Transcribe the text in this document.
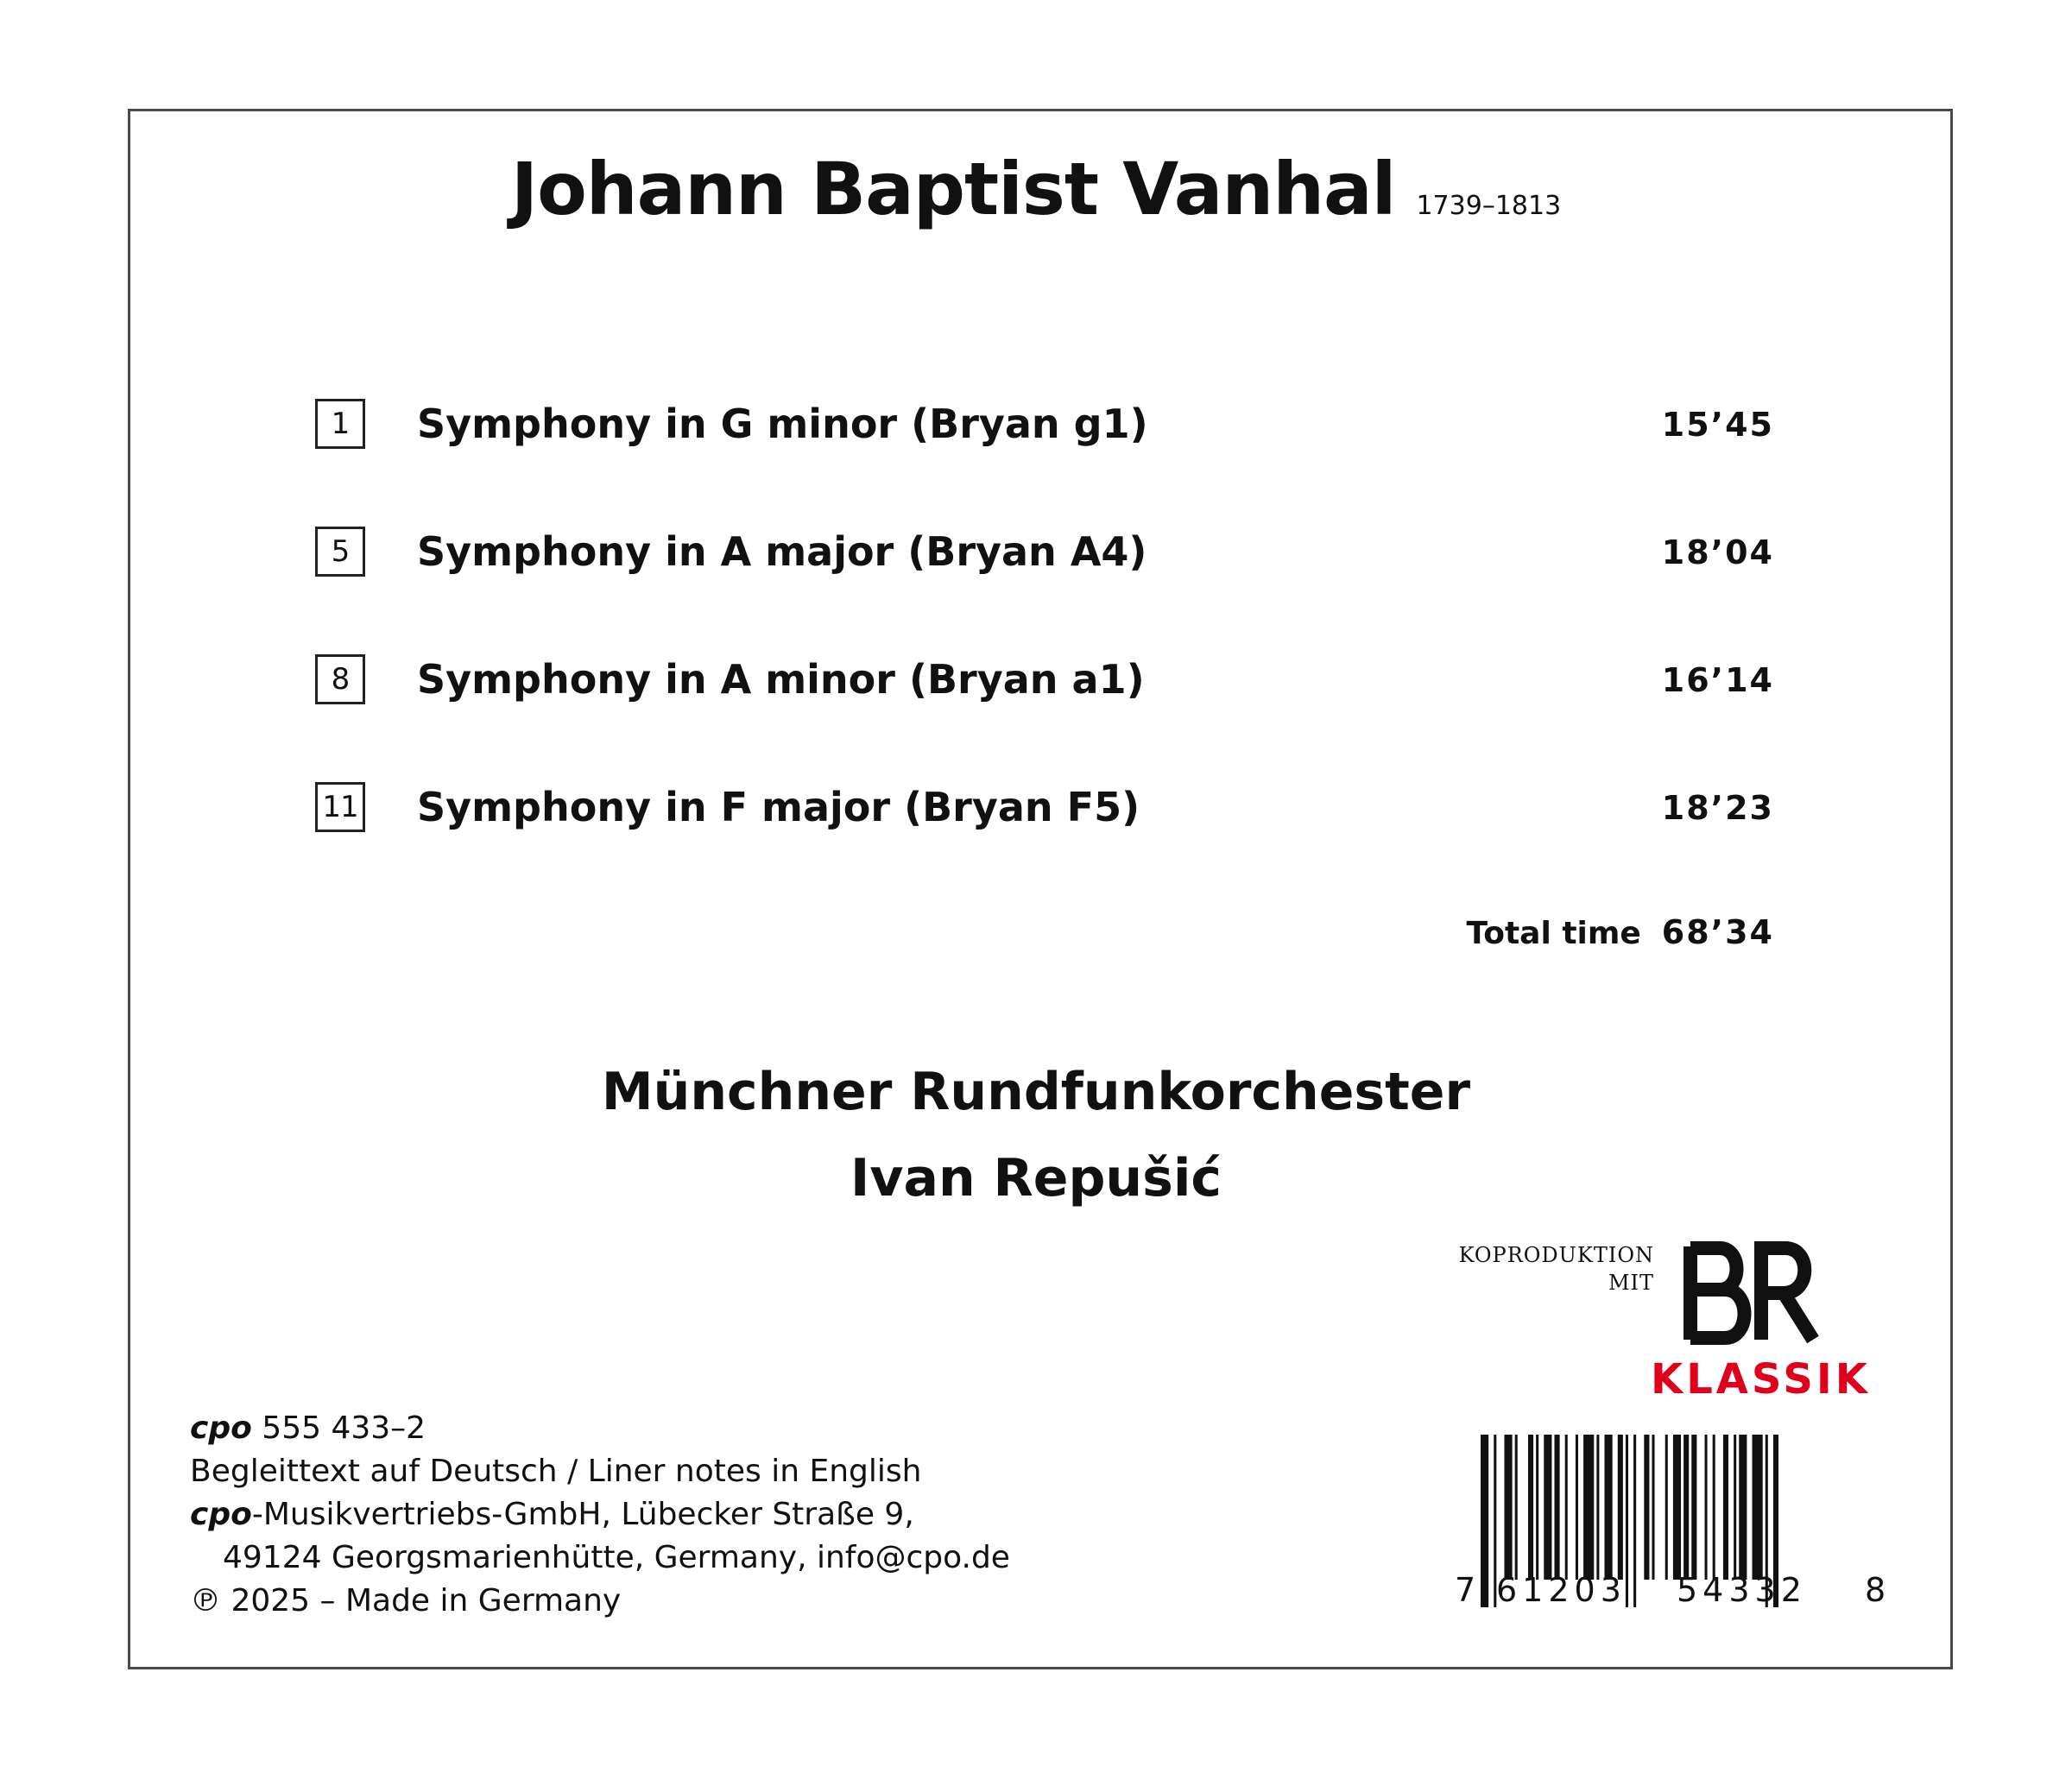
Johann Baptist Vanhal 1739–1813
1	Symphony in G minor (Bryan g1)	15’45
5	Symphony in A major (Bryan A4)	18’04
8	Symphony in A minor (Bryan a1)	16’14
11 Symphony in F major (Bryan F5)	18’23
Total time 68’34
Münchner Rundfunkorchester
Ivan Repušić
KOPRODUKTION
MIT
KLASSIK
cpo 555 433–2
Begleittext auf Deutsch / Liner notes in English
cpo-Musikvertriebs-GmbH, Lübecker Straße 9,
49124 Georgsmarienhütte, Germany, info@cpo.de
℗ 2025 – Made in Germany	7 61203 54332 8
